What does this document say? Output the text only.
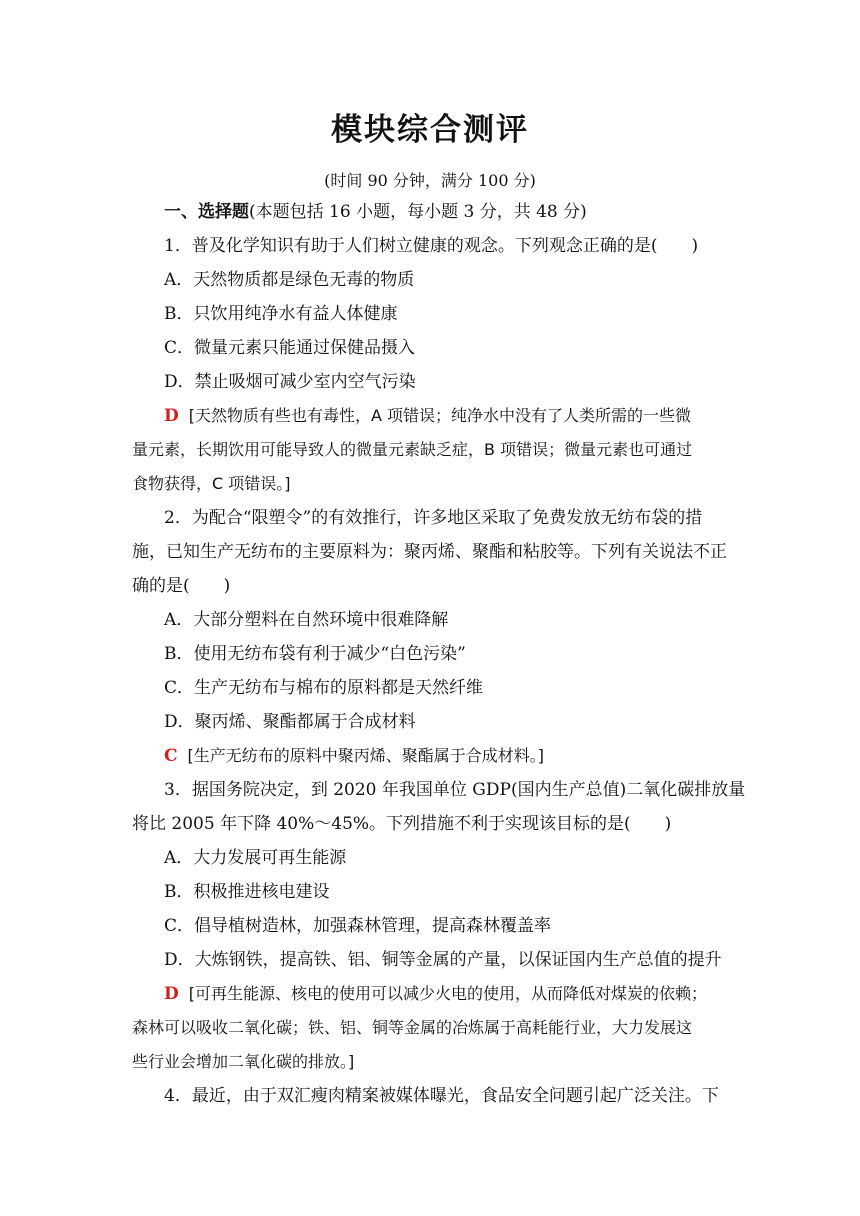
模块综合测评
(时间 90 分钟，满分 100 分)
一、选择题(本题包括 16 小题，每小题 3 分，共 48 分)
1．普及化学知识有助于人们树立健康的观念。下列观念正确的是(　　)
A．天然物质都是绿色无毒的物质
B．只饮用纯净水有益人体健康
C．微量元素只能通过保健品摄入
D．禁止吸烟可减少室内空气污染
D [天然物质有些也有毒性，A 项错误；纯净水中没有了人类所需的一些微
量元素，长期饮用可能导致人的微量元素缺乏症，B 项错误；微量元素也可通过
食物获得，C 项错误。]
2．为配合“限塑令”的有效推行，许多地区采取了免费发放无纺布袋的措
施，已知生产无纺布的主要原料为：聚丙烯、聚酯和粘胶等。下列有关说法不正
确的是(　　)
A．大部分塑料在自然环境中很难降解
B．使用无纺布袋有利于减少“白色污染”
C．生产无纺布与棉布的原料都是天然纤维
D．聚丙烯、聚酯都属于合成材料
C [生产无纺布的原料中聚丙烯、聚酯属于合成材料。]
3．据国务院决定，到 2020 年我国单位 GDP(国内生产总值)二氧化碳排放量
将比 2005 年下降 40%～45%。下列措施不利于实现该目标的是(　　)
A．大力发展可再生能源
B．积极推进核电建设
C．倡导植树造林，加强森林管理，提高森林覆盖率
D．大炼钢铁，提高铁、铝、铜等金属的产量，以保证国内生产总值的提升
D [可再生能源、核电的使用可以减少火电的使用，从而降低对煤炭的依赖；
森林可以吸收二氧化碳；铁、铝、铜等金属的冶炼属于高耗能行业，大力发展这
些行业会增加二氧化碳的排放。]
4．最近，由于双汇瘦肉精案被媒体曝光，食品安全问题引起广泛关注。下
